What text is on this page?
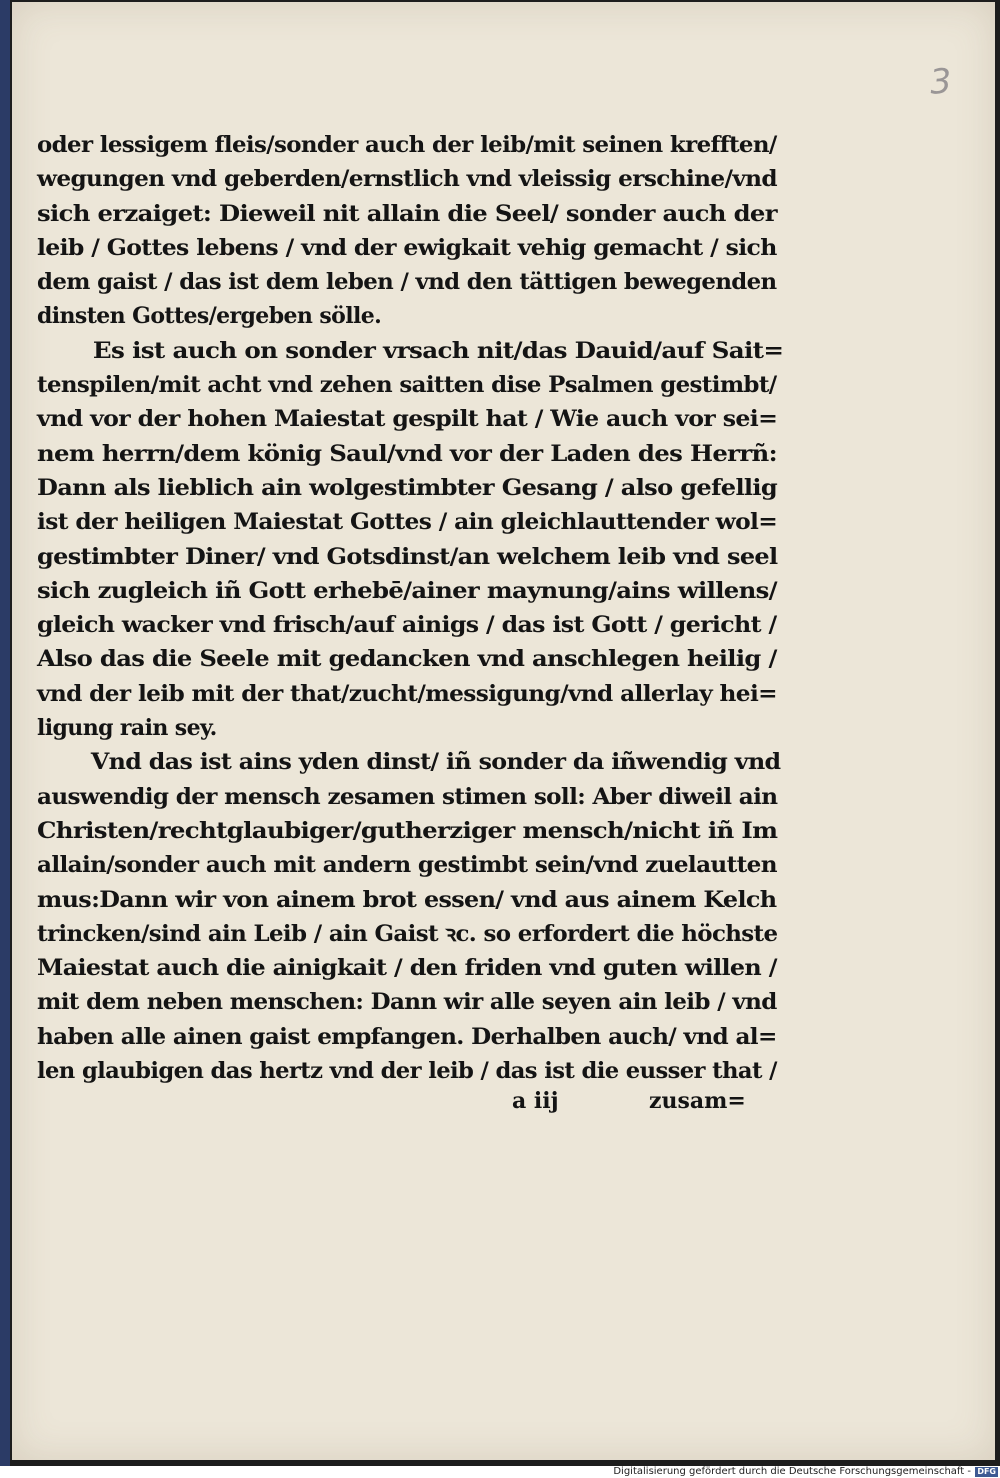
3
oder lessigem fleis/sonder auch der leib/mit seinen krefften/
wegungen vnd geberden/ernstlich vnd vleissig erschine/vnd
sich erzaiget: Dieweil nit allain die Seel/ sonder auch der
leib / Gottes lebens / vnd der ewigkait vehig gemacht / sich
dem gaist / das ist dem leben / vnd den tättigen bewegenden
dinsten Gottes/ergeben sölle.
Es ist auch on sonder vrsach nit/das Dauid/auf Sait=
tenspilen/mit acht vnd zehen saitten dise Psalmen gestimbt/
vnd vor der hohen Maiestat gespilt hat / Wie auch vor sei=
nem herrn/dem könig Saul/vnd vor der Laden des Herrñ:
Dann als lieblich ain wolgestimbter Gesang / also gefellig
ist der heiligen Maiestat Gottes / ain gleichlauttender wol=
gestimbter Diner/ vnd Gotsdinst/an welchem leib vnd seel
sich zugleich iñ Gott erhebē/ainer maynung/ains willens/
gleich wacker vnd frisch/auf ainigs / das ist Gott / gericht /
Also das die Seele mit gedancken vnd anschlegen heilig /
vnd der leib mit der that/zucht/messigung/vnd allerlay hei=
ligung rain sey.
Vnd das ist ains yden dinst/ iñ sonder da iñwendig vnd
auswendig der mensch zesamen stimen soll: Aber diweil ain
Christen/rechtglaubiger/gutherziger mensch/nicht iñ Im
allain/sonder auch mit andern gestimbt sein/vnd zuelautten
mus:Dann wir von ainem brot essen/ vnd aus ainem Kelch
trincken/sind ain Leib / ain Gaist ꝛc. so erfordert die höchste
Maiestat auch die ainigkait / den friden vnd guten willen /
mit dem neben menschen: Dann wir alle seyen ain leib / vnd
haben alle ainen gaist empfangen. Derhalben auch/ vnd al=
len glaubigen das hertz vnd der leib / das ist die eusser that /
a iij	zusam=
Digitalisierung gefördert durch die Deutsche Forschungsgemeinschaft - DFG
